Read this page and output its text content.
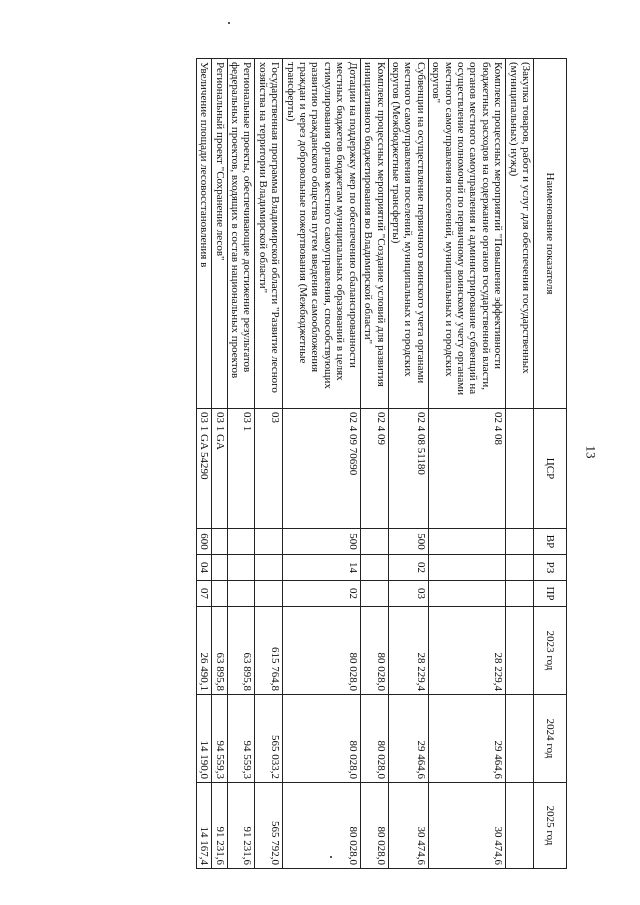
13
Наименование показателя	ЦСР	ВР	РЗ	ПР	2023 год	2024 год	2025 год
(Закупка товаров, работ и услуг для обеспечения государственных (муниципальных) нужд)							
Комплекс процессных мероприятий "Повышение эффективности бюджетных расходов на содержание органов государственной власти, органов местного самоуправления и администрирование субвенций на осуществление полномочий по первичному воинскому учету органами местного самоуправления поселений, муниципальных и городских округов"	02 4 08				28 229,4	29 464,6	30 474,6
Субвенции на осуществление первичного воинского учета органами местного самоуправления поселений, муниципальных и городских округов (Межбюджетные трансферты)	02 4 08 51180	500	02	03	28 229,4	29 464,6	30 474,6
Комплекс процессных мероприятий "Создание условий для развития инициативного бюджетирования во Владимирской области"	02 4 09				80 028,0	80 028,0	80 028,0
Дотации на поддержку мер по обеспечению сбалансированности местных бюджетов бюджетам муниципальных образований в целях стимулирования органов местного самоуправления, способствующих развитию гражданского общества путем введения самообложения граждан и через добровольные пожертвования (Межбюджетные трансферты)	02 4 09 70690	500	14	02	80 028,0	80 028,0	80 028,0
Государственная программа Владимирской области "Развитие лесного хозяйства на территории Владимирской области"	03				615 764,8	565 033,2	565 792,0
Региональные проекты, обеспечивающие достижение результатов федеральных проектов, входящих в состав национальных проектов	03 1				63 895,8	94 559,3	91 231,6
Региональный проект "Сохранение лесов"	03 1 GA				63 895,8	94 559,3	91 231,6
Увеличение площади лесовосстановления в	03 1 GA 54290	600	04	07	26 490,1	14 190,0	14 167,4
